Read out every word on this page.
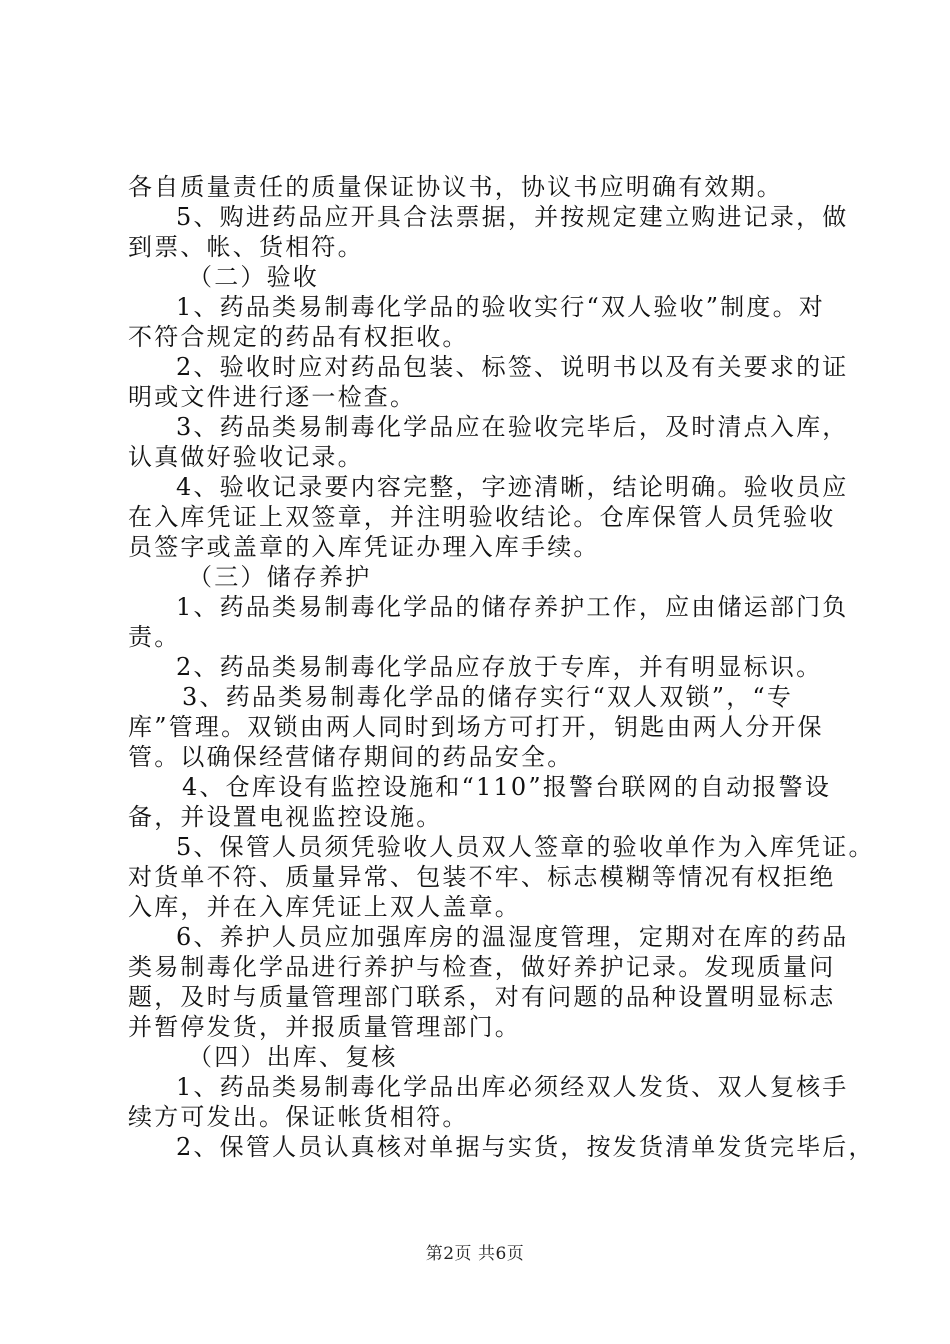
各自质量责任的质量保证协议书，协议书应明确有效期。
5、购进药品应开具合法票据，并按规定建立购进记录，做
到票、帐、货相符。
（二）验收
1、药品类易制毒化学品的验收实行“双人验收”制度。对
不符合规定的药品有权拒收。
2、验收时应对药品包装、标签、说明书以及有关要求的证
明或文件进行逐一检查。
3、药品类易制毒化学品应在验收完毕后，及时清点入库，
认真做好验收记录。
4、验收记录要内容完整，字迹清晰，结论明确。验收员应
在入库凭证上双签章，并注明验收结论。仓库保管人员凭验收
员签字或盖章的入库凭证办理入库手续。
（三）储存养护
1、药品类易制毒化学品的储存养护工作，应由储运部门负
责。
2、药品类易制毒化学品应存放于专库，并有明显标识。
3、药品类易制毒化学品的储存实行“双人双锁”，“专
库”管理。双锁由两人同时到场方可打开，钥匙由两人分开保
管。以确保经营储存期间的药品安全。
4、仓库设有监控设施和“110”报警台联网的自动报警设
备，并设置电视监控设施。
5、保管人员须凭验收人员双人签章的验收单作为入库凭证。
对货单不符、质量异常、包装不牢、标志模糊等情况有权拒绝
入库，并在入库凭证上双人盖章。
6、养护人员应加强库房的温湿度管理，定期对在库的药品
类易制毒化学品进行养护与检查，做好养护记录。发现质量问
题，及时与质量管理部门联系，对有问题的品种设置明显标志
并暂停发货，并报质量管理部门。
（四）出库、复核
1、药品类易制毒化学品出库必须经双人发货、双人复核手
续方可发出。保证帐货相符。
2、保管人员认真核对单据与实货，按发货清单发货完毕后，
第2页 共6页
